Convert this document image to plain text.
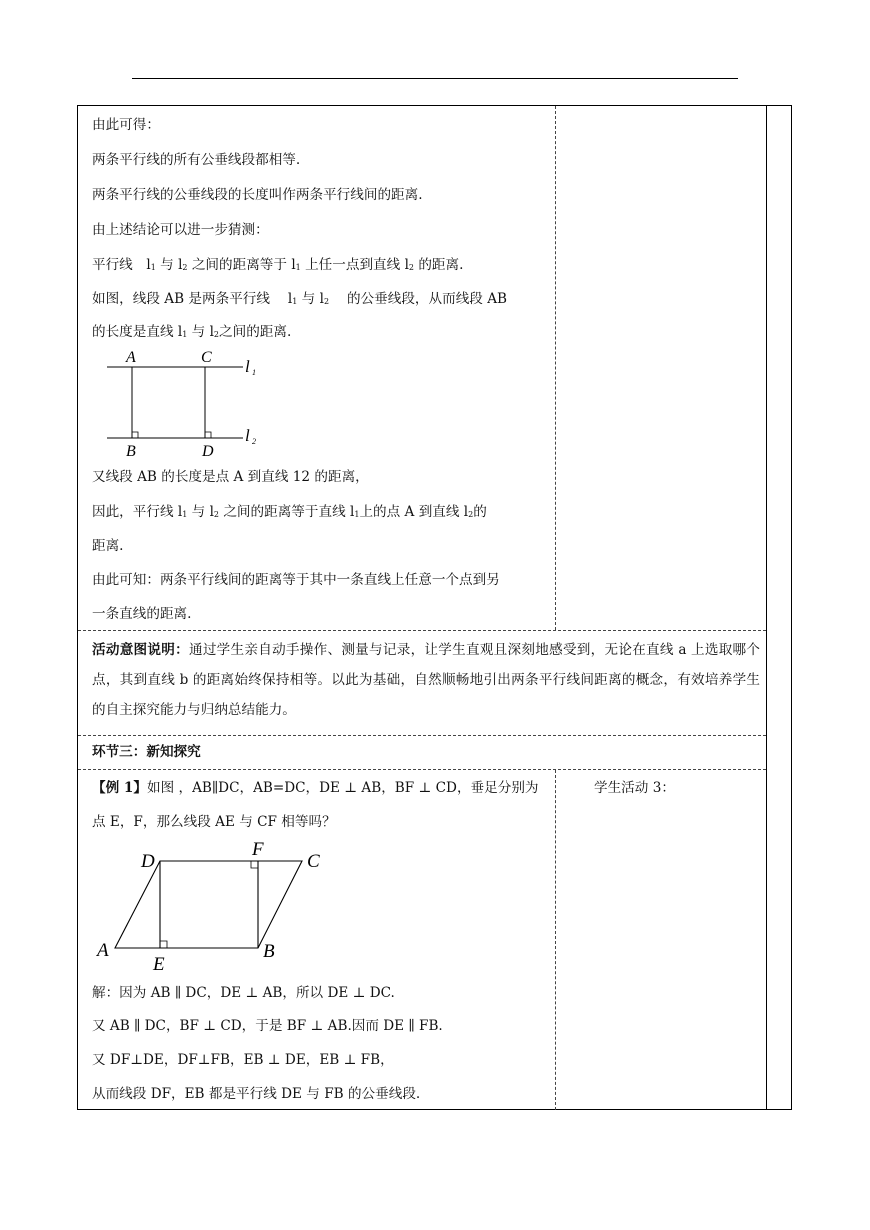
由此可得：
两条平行线的所有公垂线段都相等.
两条平行线的公垂线段的长度叫作两条平行线间的距离.
由上述结论可以进一步猜测：
平行线　$l_1$ 与 $l_2$ 之间的距离等于 $l_1$ 上任一点到直线 $l_2$ 的距离.
如图，线段 AB 是两条平行线　 $l_1$ 与 $l_2$ 　的公垂线段，从而线段 AB
的长度是直线 $l_1$ 与 $l_2$之间的距离.
A	C
B	D
l 1
l 2
又线段 AB 的长度是点 A 到直线 12 的距离，
因此，平行线 $l_1$ 与 $l_2$ 之间的距离等于直线 $l_1$上的点 A 到直线 $l_2$的
距离.
由此可知：两条平行线间的距离等于其中一条直线上任意一个点到另
一条直线的距离.
活动意图说明：通过学生亲自动手操作、测量与记录，让学生直观且深刻地感受到，无论在直线 a 上选取哪个点，其到直线 b 的距离始终保持相等。以此为基础，自然顺畅地引出两条平行线间距离的概念，有效培养学生的自主探究能力与归纳总结能力。
环节三：新知探究
【例 1】如图 ，AB∥DC，AB=DC，DE ⊥ AB，BF ⊥ CD，垂足分别为
点 E，F，那么线段 AE 与 CF 相等吗？
D
F
C
A
E
B
解：因为 AB ∥ DC，DE ⊥ AB，所以 DE ⊥ DC.
又 AB ∥ DC，BF ⊥ CD，于是 BF ⊥ AB.因而 DE ∥ FB.
又 DF⊥DE，DF⊥FB，EB ⊥ DE，EB ⊥ FB，
从而线段 DF，EB 都是平行线 DE 与 FB 的公垂线段.
学生活动 3：
